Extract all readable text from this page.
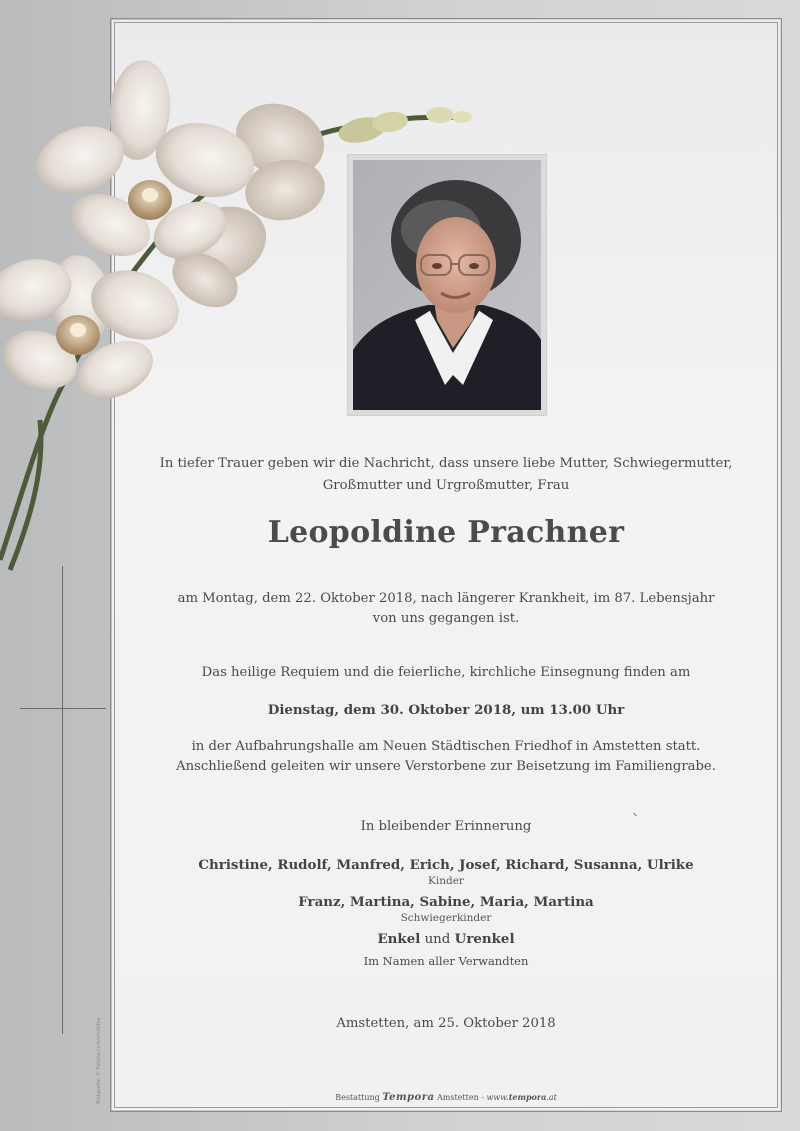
Bildquelle: © Fotolia.com/orchidee
In tiefer Trauer geben wir die Nachricht, dass unsere liebe Mutter, Schwiegermutter,
Großmutter und Urgroßmutter, Frau
Leopoldine Prachner
am Montag, dem 22. Oktober 2018, nach längerer Krankheit, im 87. Lebensjahr
von uns gegangen ist.
Das heilige Requiem und die feierliche, kirchliche Einsegnung finden am
Dienstag, dem 30. Oktober 2018, um 13.00 Uhr
in der Aufbahrungshalle am Neuen Städtischen Friedhof in Amstetten statt.
Anschließend geleiten wir unsere Verstorbene zur Beisetzung im Familiengrabe.
In bleibender Erinnerung
Christine, Rudolf, Manfred, Erich, Josef, Richard, Susanna, Ulrike
Kinder
Franz, Martina, Sabine, Maria, Martina
Schwiegerkinder
Enkel und Urenkel
Im Namen aller Verwandten
Amstetten, am 25. Oktober 2018
Bestattung Tempora Amstetten - www.tempora.at
